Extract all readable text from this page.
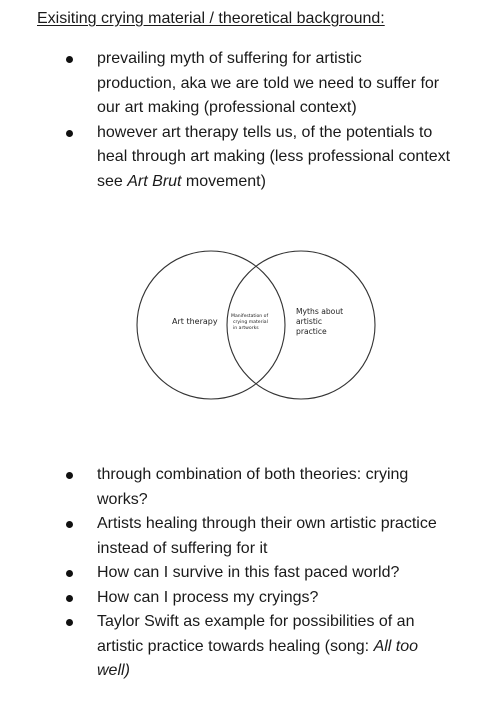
Exisiting crying material / theoretical background:
prevailing myth of suffering for artistic
production, aka we are told we need to suffer for
our art making (professional context)
however art therapy tells us, of the potentials to
heal through art making (less professional context
see Art Brut movement)
Art therapy
Manifestation of crying material in artworks
Myths about artistic practice
through combination of both theories: crying
works?
Artists healing through their own artistic practice
instead of suffering for it
How can I survive in this fast paced world?
How can I process my cryings?
Taylor Swift as example for possibilities of an
artistic practice towards healing (song: All too
well)
